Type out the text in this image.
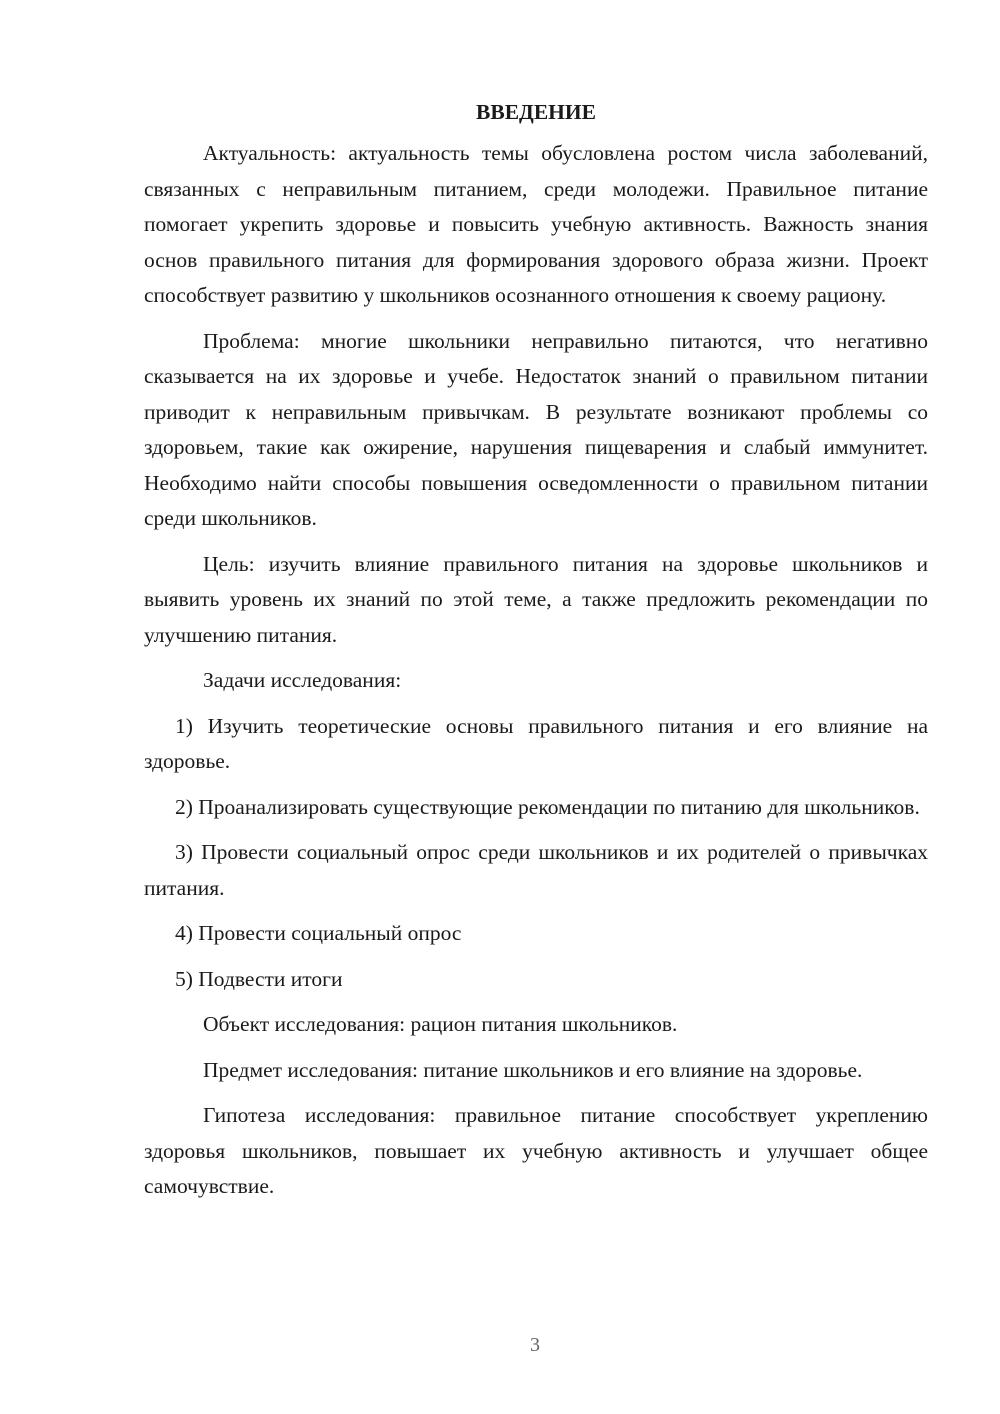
ВВЕДЕНИЕ

Актуальность: актуальность темы обусловлена ростом числа заболеваний, связанных с неправильным питанием, среди молодежи. Правильное питание помогает укрепить здоровье и повысить учебную активность. Важность знания основ правильного питания для формирования здорового образа жизни. Проект способствует развитию у школьников осознанного отношения к своему рациону.

Проблема: многие школьники неправильно питаются, что негативно сказывается на их здоровье и учебе. Недостаток знаний о правильном питании приводит к неправильным привычкам. В результате возникают проблемы со здоровьем, такие как ожирение, нарушения пищеварения и слабый иммунитет. Необходимо найти способы повышения осведомленности о правильном питании среди школьников.

Цель: изучить влияние правильного питания на здоровье школьников и выявить уровень их знаний по этой теме, а также предложить рекомендации по улучшению питания.

Задачи исследования:

1) Изучить теоретические основы правильного питания и его влияние на здоровье.

2) Проанализировать существующие рекомендации по питанию для школьников.

3) Провести социальный опрос среди школьников и их родителей о привычках питания.

4) Провести социальный опрос

5) Подвести итоги

Объект исследования: рацион питания школьников.

Предмет исследования: питание школьников и его влияние на здоровье.

Гипотеза исследования: правильное питание способствует укреплению здоровья школьников, повышает их учебную активность и улучшает общее самочувствие.

3
